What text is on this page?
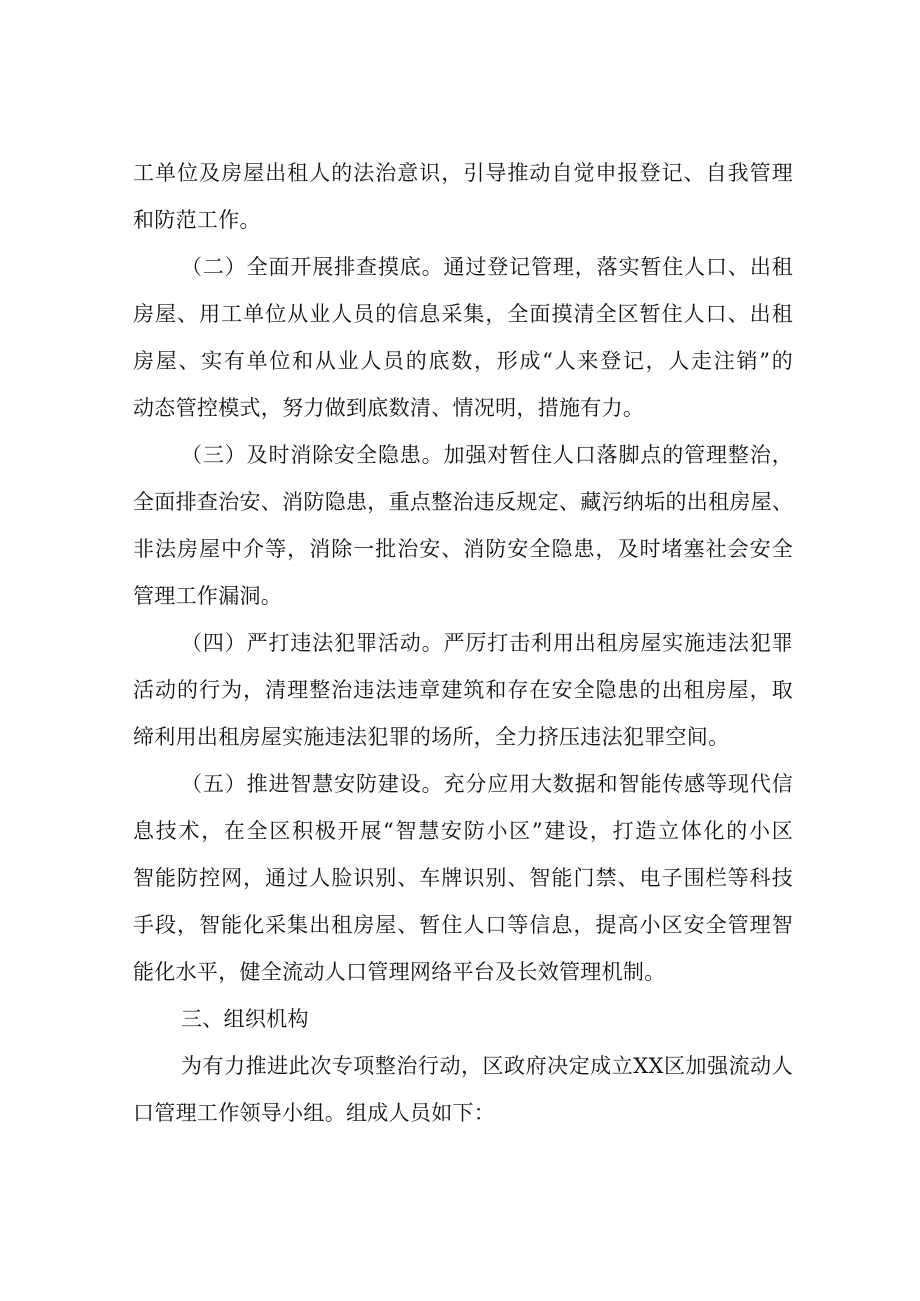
工单位及房屋出租人的法治意识，引导推动自觉申报登记、自我管理
和防范工作。
（二）全面开展排查摸底。通过登记管理，落实暂住人口、出租
房屋、用工单位从业人员的信息采集，全面摸清全区暂住人口、出租
房屋、实有单位和从业人员的底数，形成“人来登记，人走注销”的
动态管控模式，努力做到底数清、情况明，措施有力。
（三）及时消除安全隐患。加强对暂住人口落脚点的管理整治，
全面排查治安、消防隐患，重点整治违反规定、藏污纳垢的出租房屋、
非法房屋中介等，消除一批治安、消防安全隐患，及时堵塞社会安全
管理工作漏洞。
（四）严打违法犯罪活动。严厉打击利用出租房屋实施违法犯罪
活动的行为，清理整治违法违章建筑和存在安全隐患的出租房屋，取
缔利用出租房屋实施违法犯罪的场所，全力挤压违法犯罪空间。
（五）推进智慧安防建设。充分应用大数据和智能传感等现代信
息技术，在全区积极开展“智慧安防小区”建设，打造立体化的小区
智能防控网，通过人脸识别、车牌识别、智能门禁、电子围栏等科技
手段，智能化采集出租房屋、暂住人口等信息，提高小区安全管理智
能化水平，健全流动人口管理网络平台及长效管理机制。
三、组织机构
为有力推进此次专项整治行动，区政府决定成立XX区加强流动人
口管理工作领导小组。组成人员如下：
